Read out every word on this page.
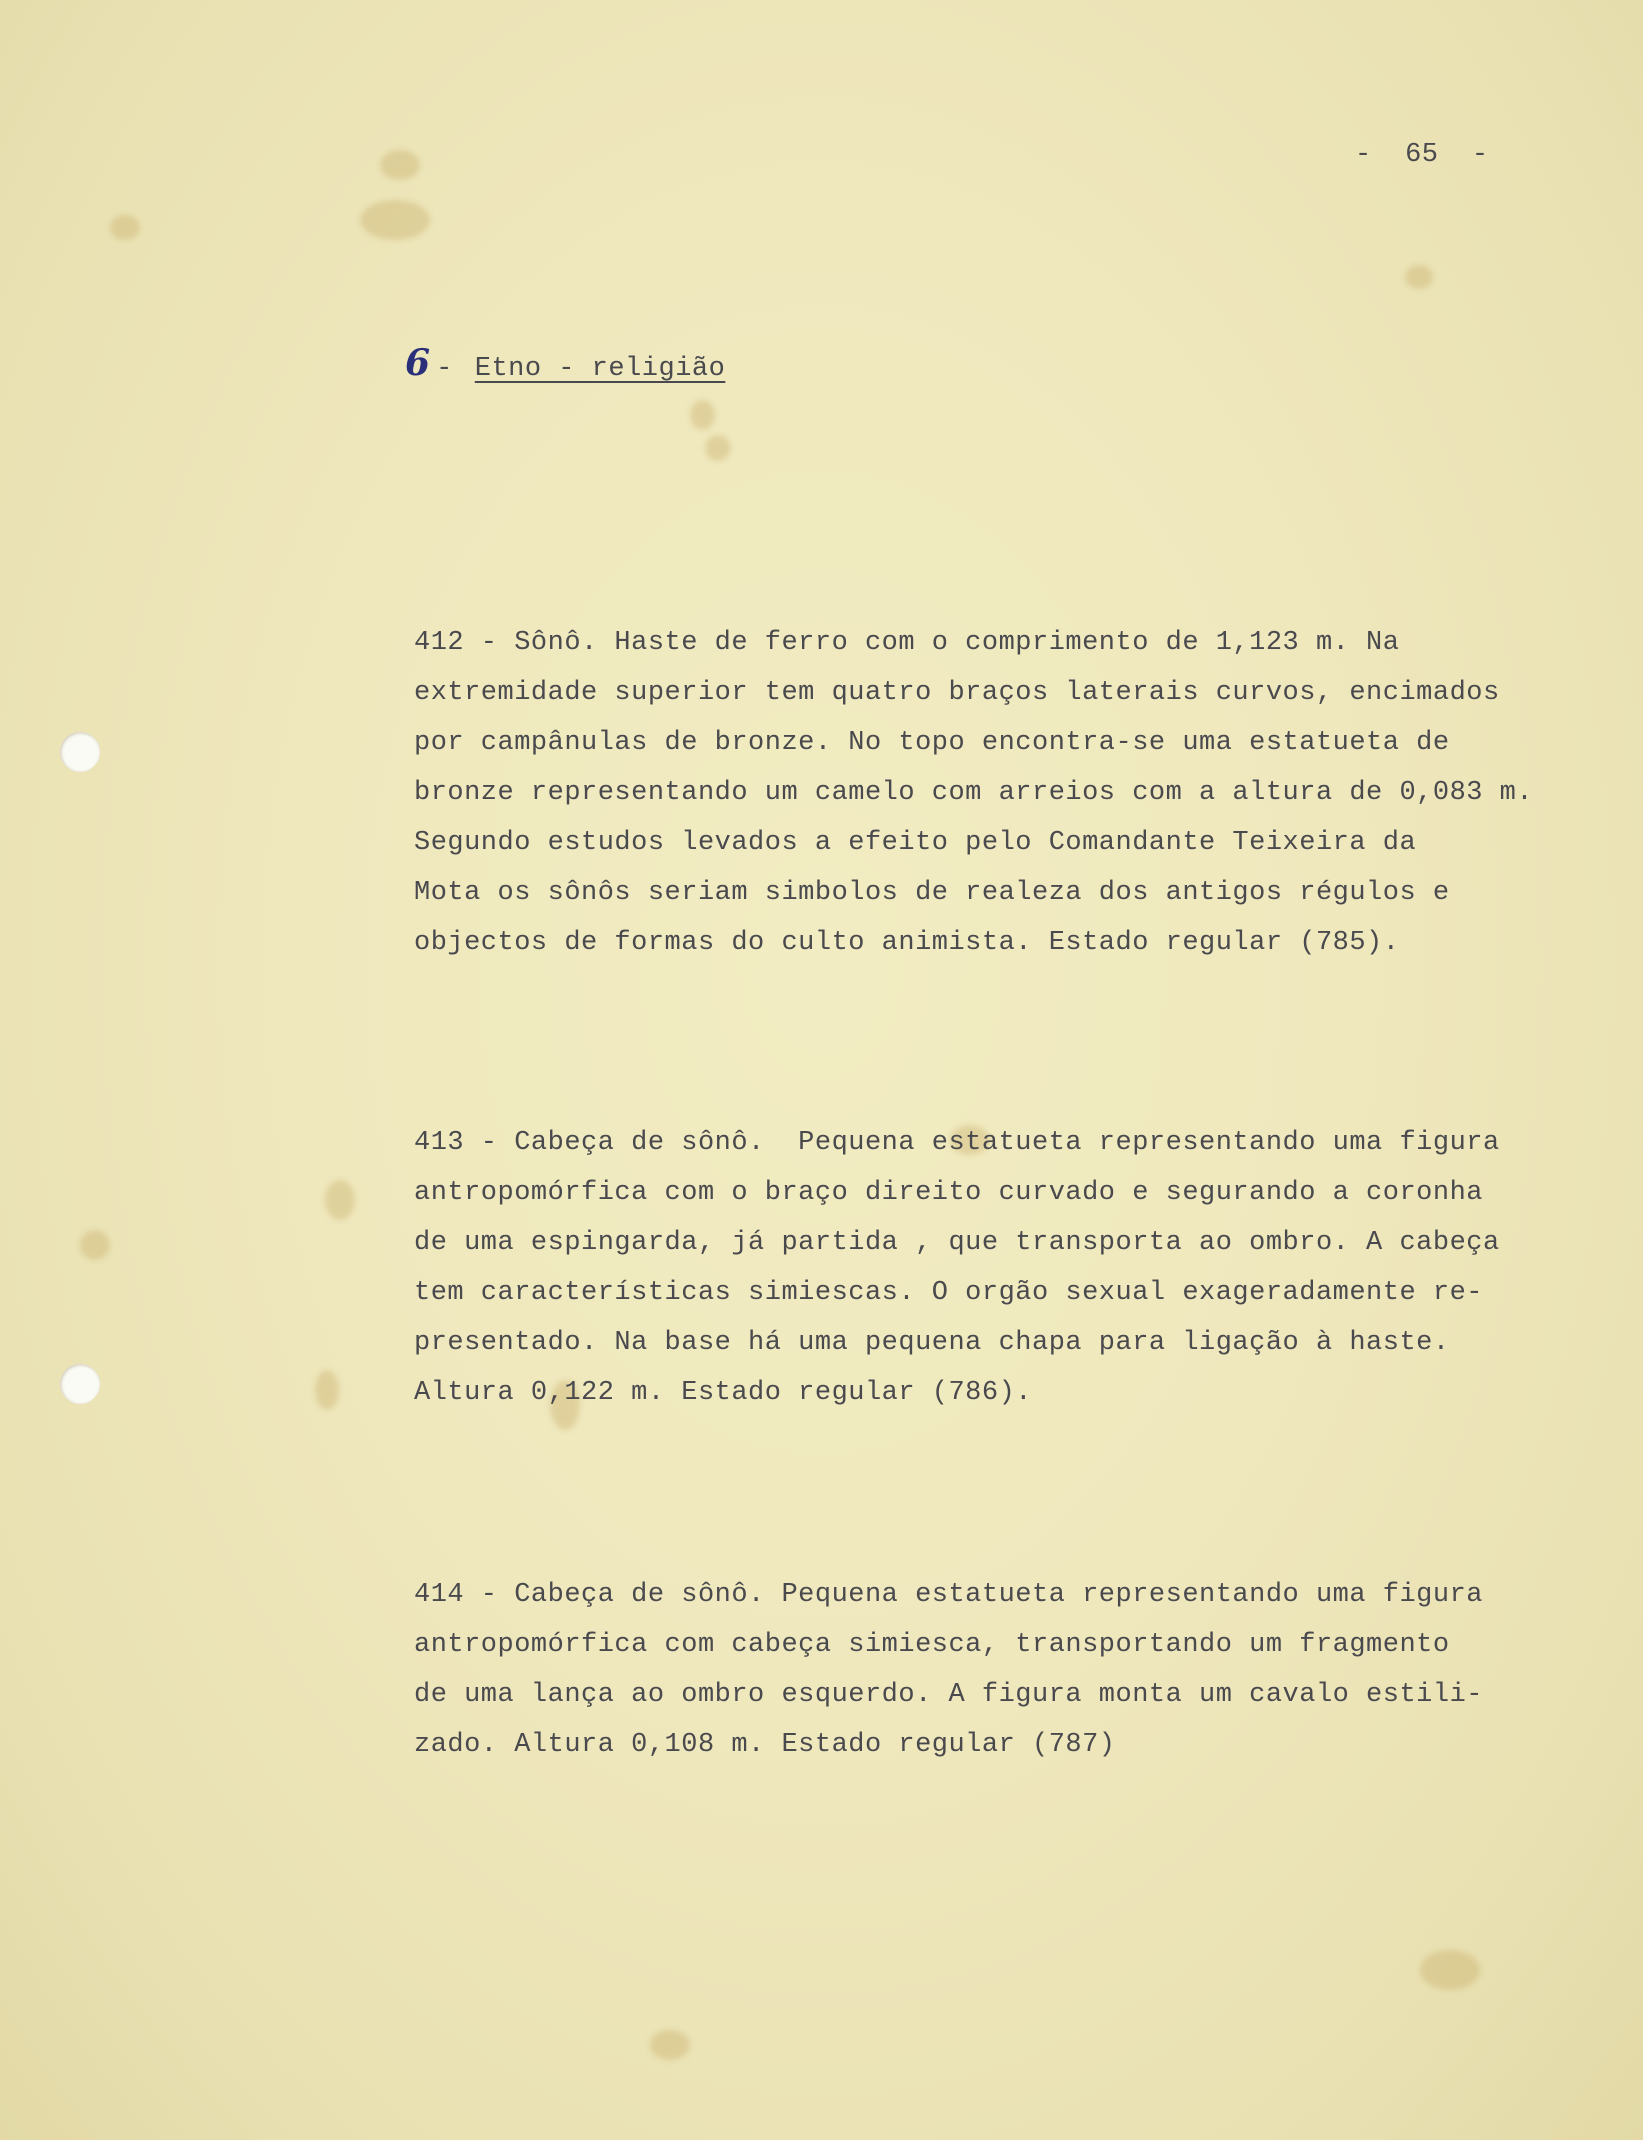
-  65  -
6 - Etno - religião
412 - Sônô. Haste de ferro com o comprimento de 1,123 m. Na
extremidade superior tem quatro braços laterais curvos, encimados
por campânulas de bronze. No topo encontra-se uma estatueta de
bronze representando um camelo com arreios com a altura de 0,083 m.
Segundo estudos levados a efeito pelo Comandante Teixeira da
Mota os sônôs seriam simbolos de realeza dos antigos régulos e
objectos de formas do culto animista. Estado regular (785).
413 - Cabeça de sônô.  Pequena estatueta representando uma figura
antropomórfica com o braço direito curvado e segurando a coronha
de uma espingarda, já partida , que transporta ao ombro. A cabeça
tem características simiescas. O orgão sexual exageradamente re-
presentado. Na base há uma pequena chapa para ligação à haste.
Altura 0,122 m. Estado regular (786).
414 - Cabeça de sônô. Pequena estatueta representando uma figura
antropomórfica com cabeça simiesca, transportando um fragmento
de uma lança ao ombro esquerdo. A figura monta um cavalo estili-
zado. Altura 0,108 m. Estado regular (787)
